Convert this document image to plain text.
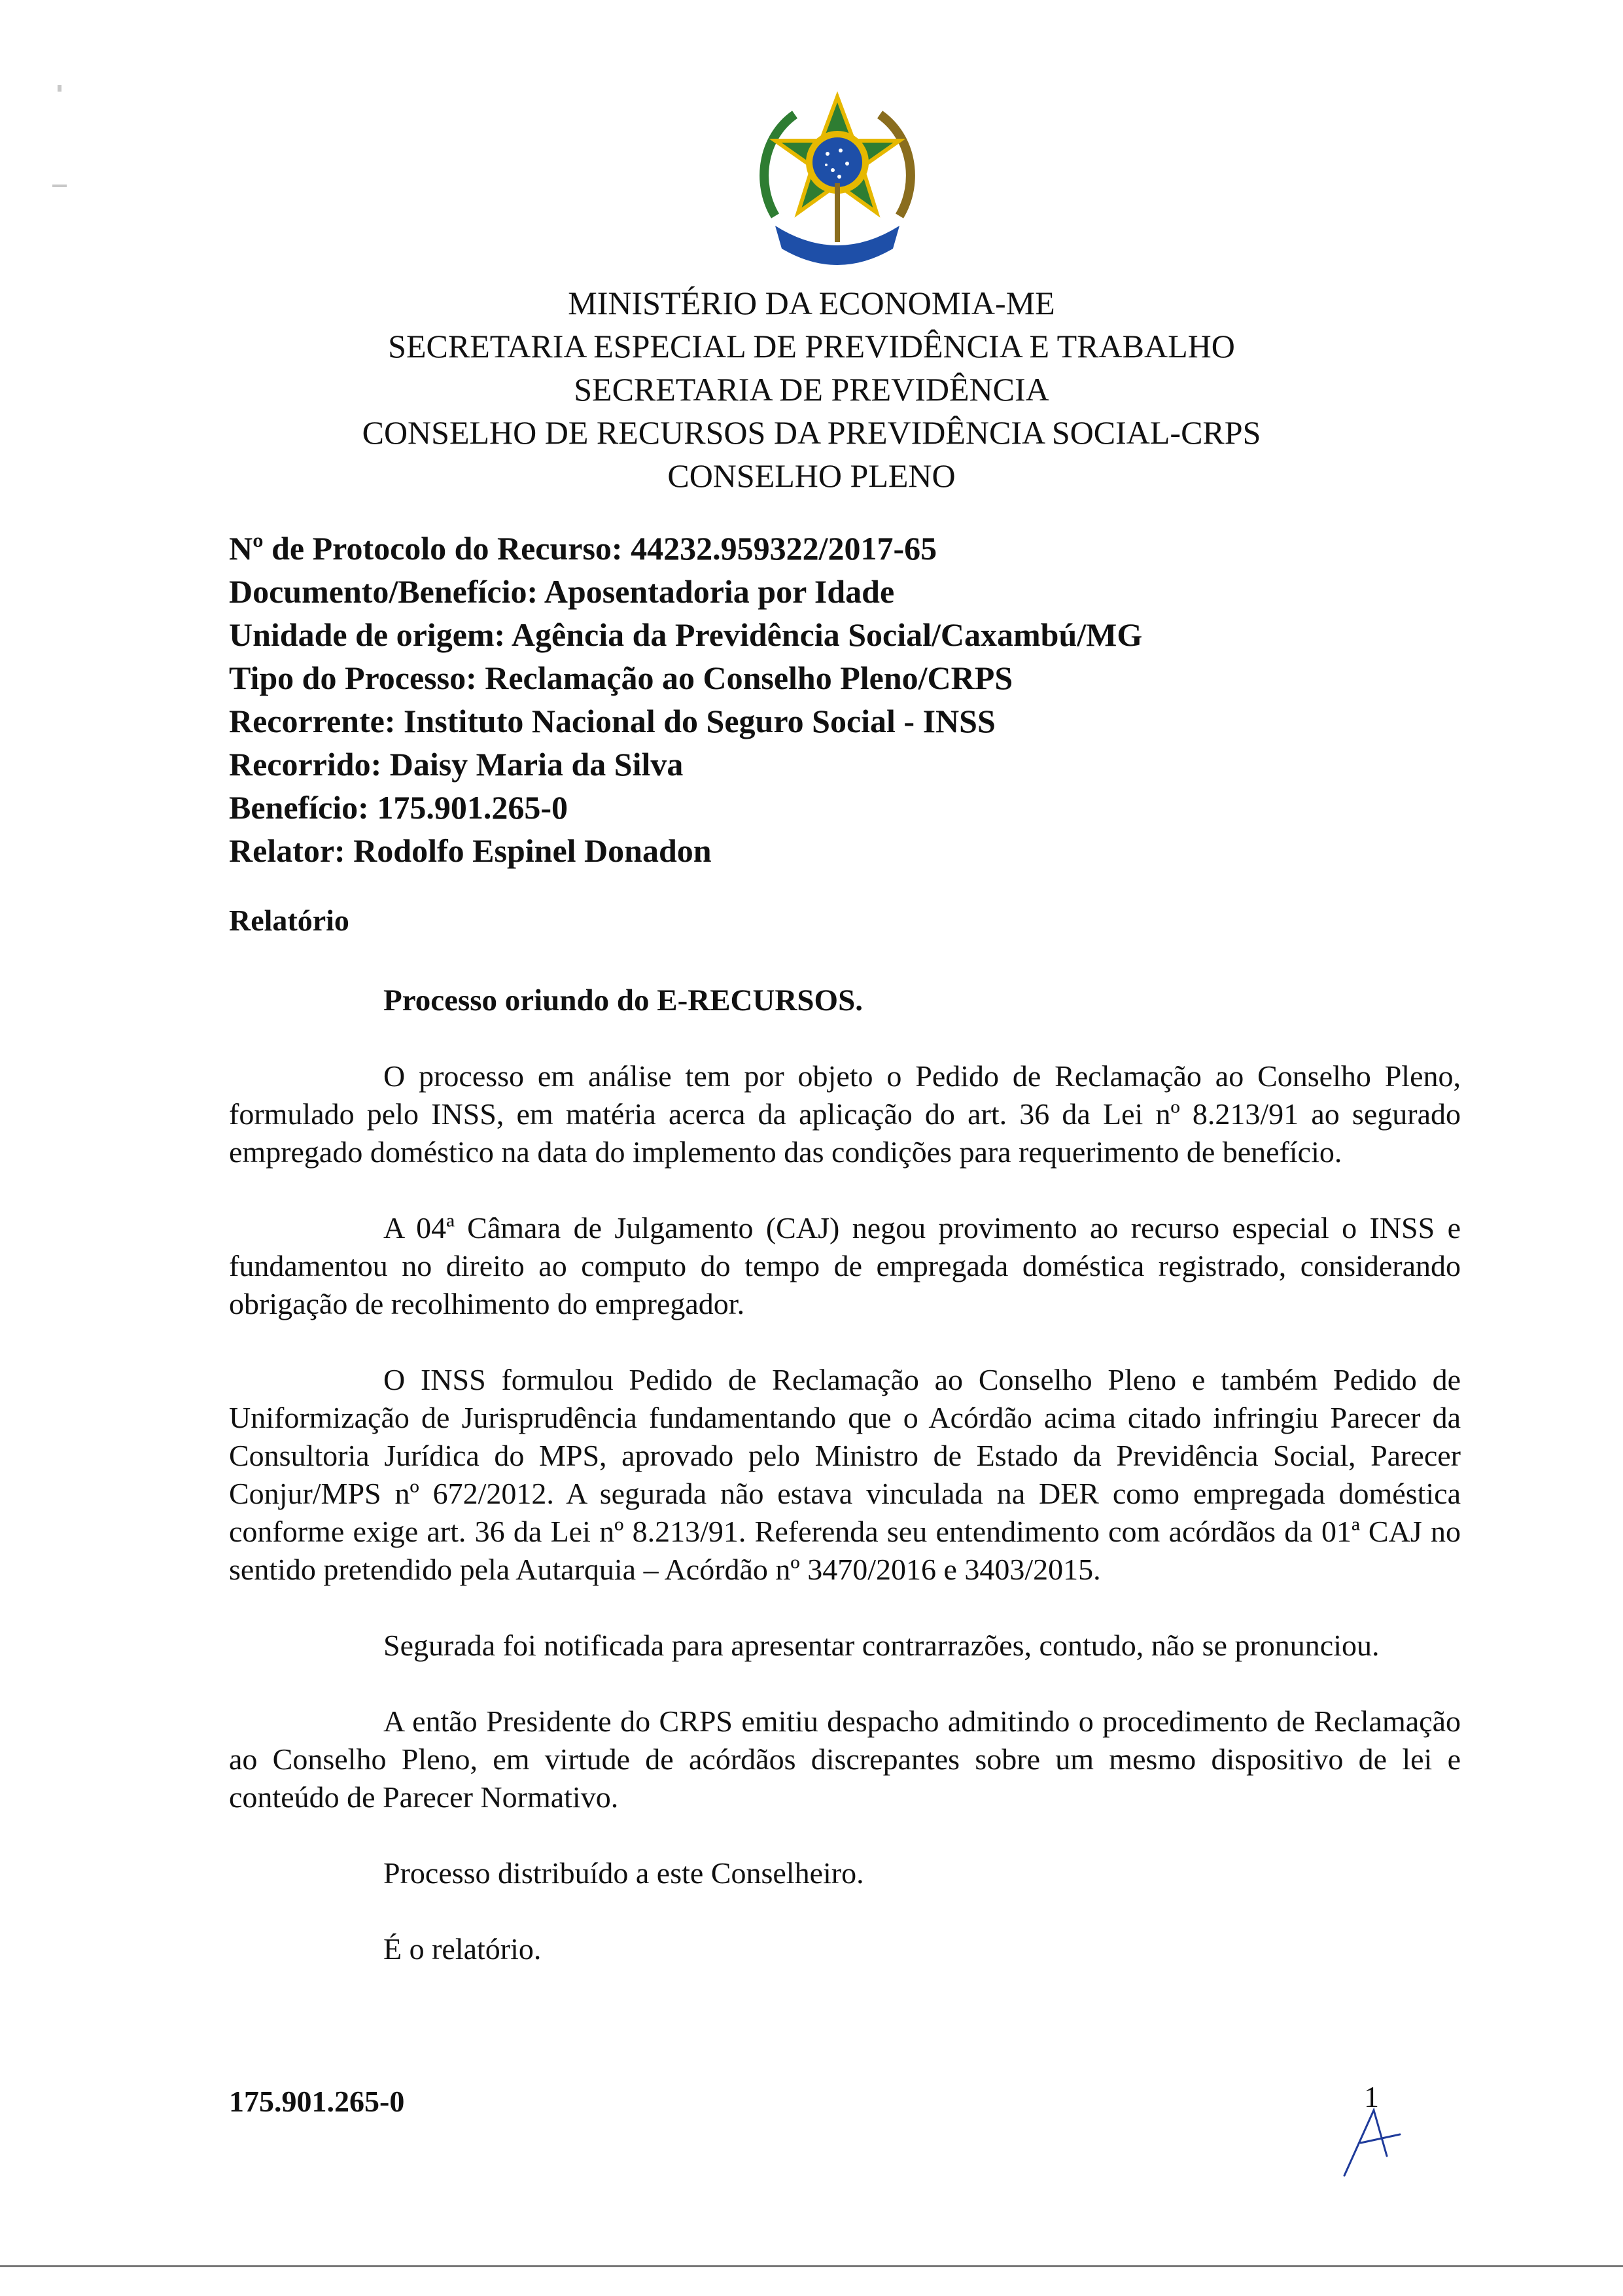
MINISTÉRIO DA ECONOMIA-ME
SECRETARIA ESPECIAL DE PREVIDÊNCIA E TRABALHO
SECRETARIA DE PREVIDÊNCIA
CONSELHO DE RECURSOS DA PREVIDÊNCIA SOCIAL-CRPS
CONSELHO PLENO
Nº de Protocolo do Recurso: 44232.959322/2017-65
Documento/Benefício: Aposentadoria por Idade
Unidade de origem: Agência da Previdência Social/Caxambú/MG
Tipo do Processo: Reclamação ao Conselho Pleno/CRPS
Recorrente: Instituto Nacional do Seguro Social - INSS
Recorrido: Daisy Maria da Silva
Benefício: 175.901.265-0
Relator: Rodolfo Espinel Donadon
Relatório

Processo oriundo do E-RECURSOS.

O processo em análise tem por objeto o Pedido de Reclamação ao Conselho Pleno, formulado pelo INSS, em matéria acerca da aplicação do art. 36 da Lei nº 8.213/91 ao segurado empregado doméstico na data do implemento das condições para requerimento de benefício.

A 04ª Câmara de Julgamento (CAJ) negou provimento ao recurso especial o INSS e fundamentou no direito ao computo do tempo de empregada doméstica registrado, considerando obrigação de recolhimento do empregador.

O INSS formulou Pedido de Reclamação ao Conselho Pleno e também Pedido de Uniformização de Jurisprudência fundamentando que o Acórdão acima citado infringiu Parecer da Consultoria Jurídica do MPS, aprovado pelo Ministro de Estado da Previdência Social, Parecer Conjur/MPS nº 672/2012. A segurada não estava vinculada na DER como empregada doméstica conforme exige art. 36 da Lei nº 8.213/91. Referenda seu entendimento com acórdãos da 01ª CAJ no sentido pretendido pela Autarquia – Acórdão nº 3470/2016 e 3403/2015.

Segurada foi notificada para apresentar contrarrazões, contudo, não se pronunciou.

A então Presidente do CRPS emitiu despacho admitindo o procedimento de Reclamação ao Conselho Pleno, em virtude de acórdãos discrepantes sobre um mesmo dispositivo de lei e conteúdo de Parecer Normativo.

Processo distribuído a este Conselheiro.

É o relatório.

175.901.265-0	1
